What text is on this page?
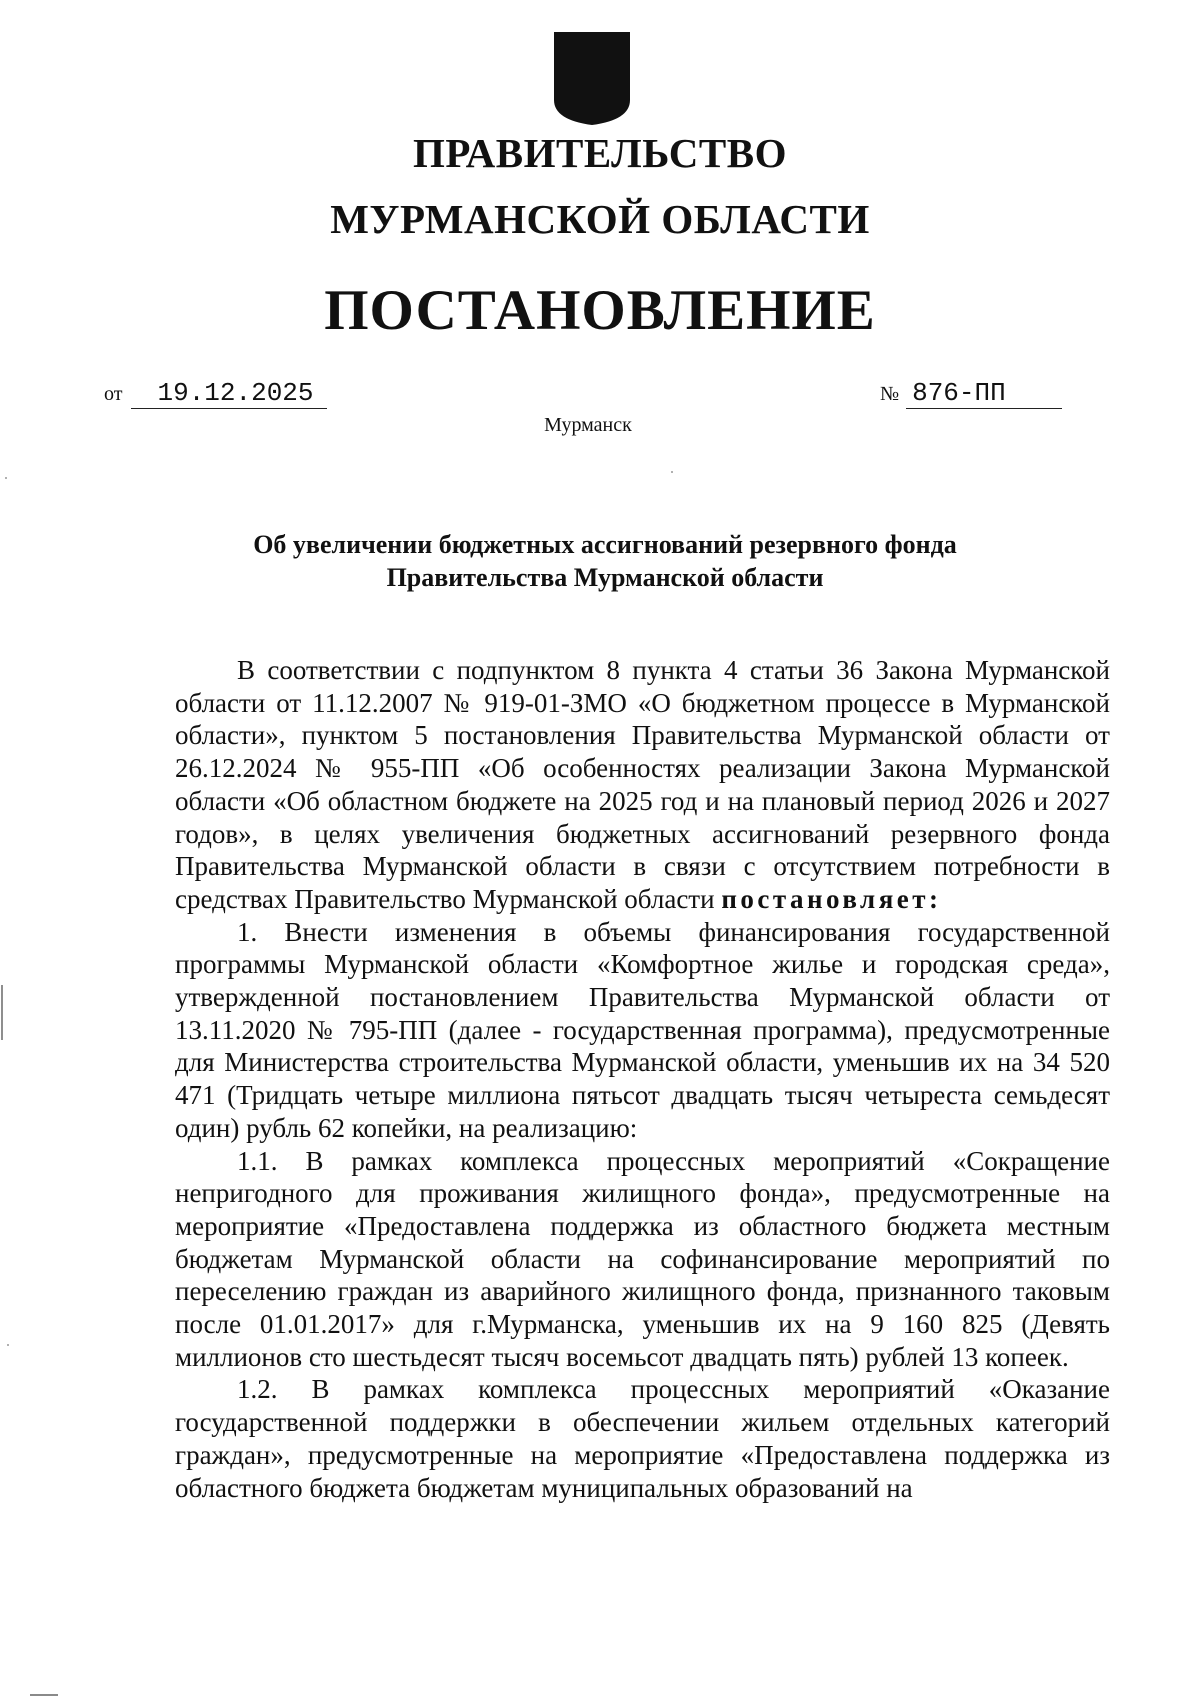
ПРАВИТЕЛЬСТВО
МУРМАНСКОЙ ОБЛАСТИ
ПОСТАНОВЛЕНИЕ
от 19.12.2025	№ 876-ПП
Мурманск
Об увеличении бюджетных ассигнований резервного фонда
Правительства Мурманской области

В соответствии с подпунктом 8 пункта 4 статьи 36 Закона Мурманской области от 11.12.2007 № 919-01-ЗМО «О бюджетном процессе в Мурманской области», пунктом 5 постановления Правительства Мурманской области от 26.12.2024 № 955-ПП «Об особенностях реализации Закона Мурманской области «Об областном бюджете на 2025 год и на плановый период 2026 и 2027 годов», в целях увеличения бюджетных ассигнований резервного фонда Правительства Мурманской области в связи с отсутствием потребности в средствах Правительство Мурманской области постановляет:

1. Внести изменения в объемы финансирования государственной программы Мурманской области «Комфортное жилье и городская среда», утвержденной постановлением Правительства Мурманской области от 13.11.2020 № 795-ПП (далее - государственная программа), предусмотренные для Министерства строительства Мурманской области, уменьшив их на 34 520 471 (Тридцать четыре миллиона пятьсот двадцать тысяч четыреста семьдесят один) рубль 62 копейки, на реализацию:

1.1. В рамках комплекса процессных мероприятий «Сокращение непригодного для проживания жилищного фонда», предусмотренные на мероприятие «Предоставлена поддержка из областного бюджета местным бюджетам Мурманской области на софинансирование мероприятий по переселению граждан из аварийного жилищного фонда, признанного таковым после 01.01.2017» для г.Мурманска, уменьшив их на 9 160 825 (Девять миллионов сто шестьдесят тысяч восемьсот двадцать пять) рублей 13 копеек.

1.2. В рамках комплекса процессных мероприятий «Оказание государственной поддержки в обеспечении жильем отдельных категорий граждан», предусмотренные на мероприятие «Предоставлена поддержка из областного бюджета бюджетам муниципальных образований на
